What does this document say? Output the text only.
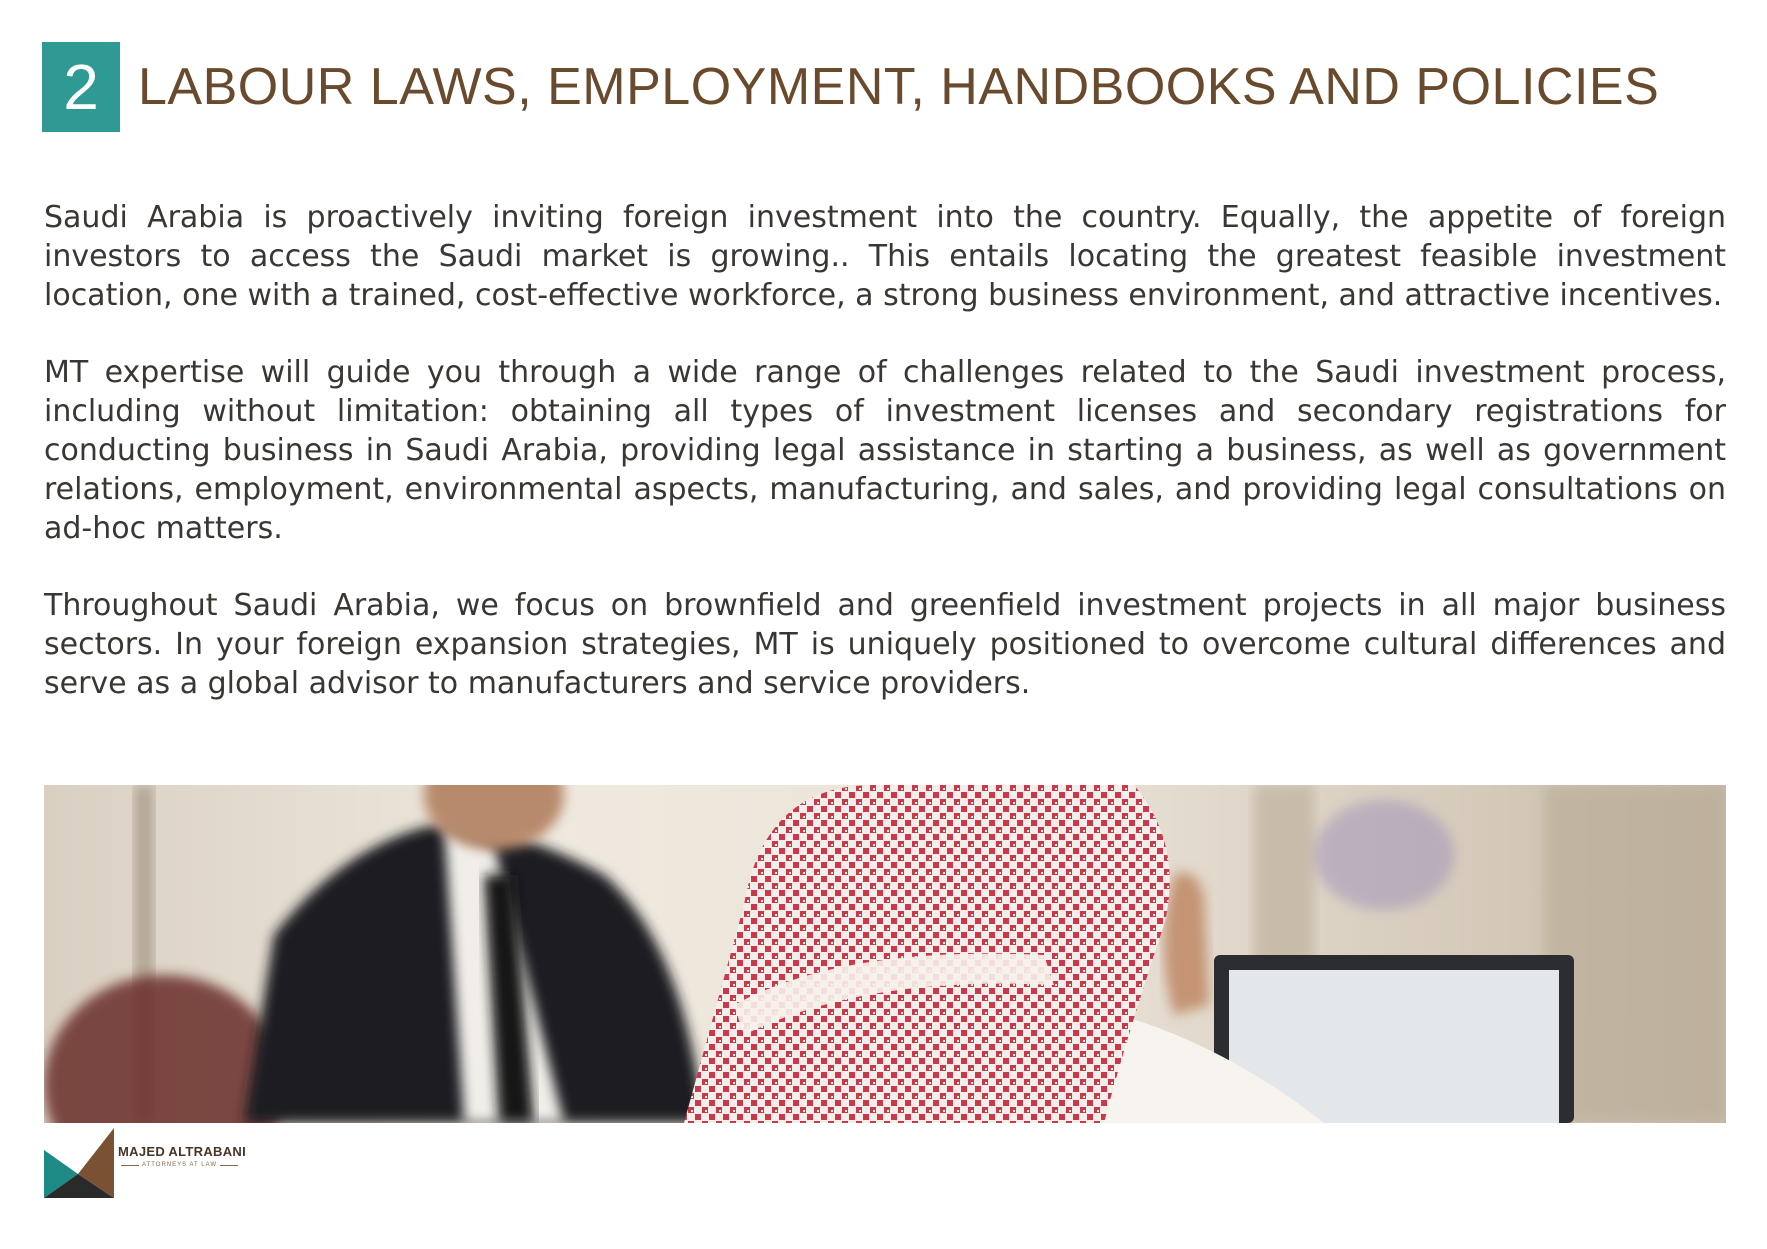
2 LABOUR LAWS, EMPLOYMENT, HANDBOOKS AND POLICIES

Saudi Arabia is proactively inviting foreign investment into the country. Equally, the appetite of foreign investors to access the Saudi market is growing.. This entails locating the greatest feasible investment location, one with a trained, cost-effective workforce, a strong business environment, and attractive incentives.

MT expertise will guide you through a wide range of challenges related to the Saudi investment process, including without limitation: obtaining all types of investment licenses and secondary registrations for conducting business in Saudi Arabia, providing legal assistance in starting a business, as well as government relations, employment, environmental aspects, manufacturing, and sales, and providing legal consultations on ad-hoc matters.

Throughout Saudi Arabia, we focus on brownfield and greenfield investment projects in all major business sectors. In your foreign expansion strategies, MT is uniquely positioned to overcome cultural differences and serve as a global advisor to manufacturers and service providers.

MAJED ALTRABANI
ATTORNEYS AT LAW
